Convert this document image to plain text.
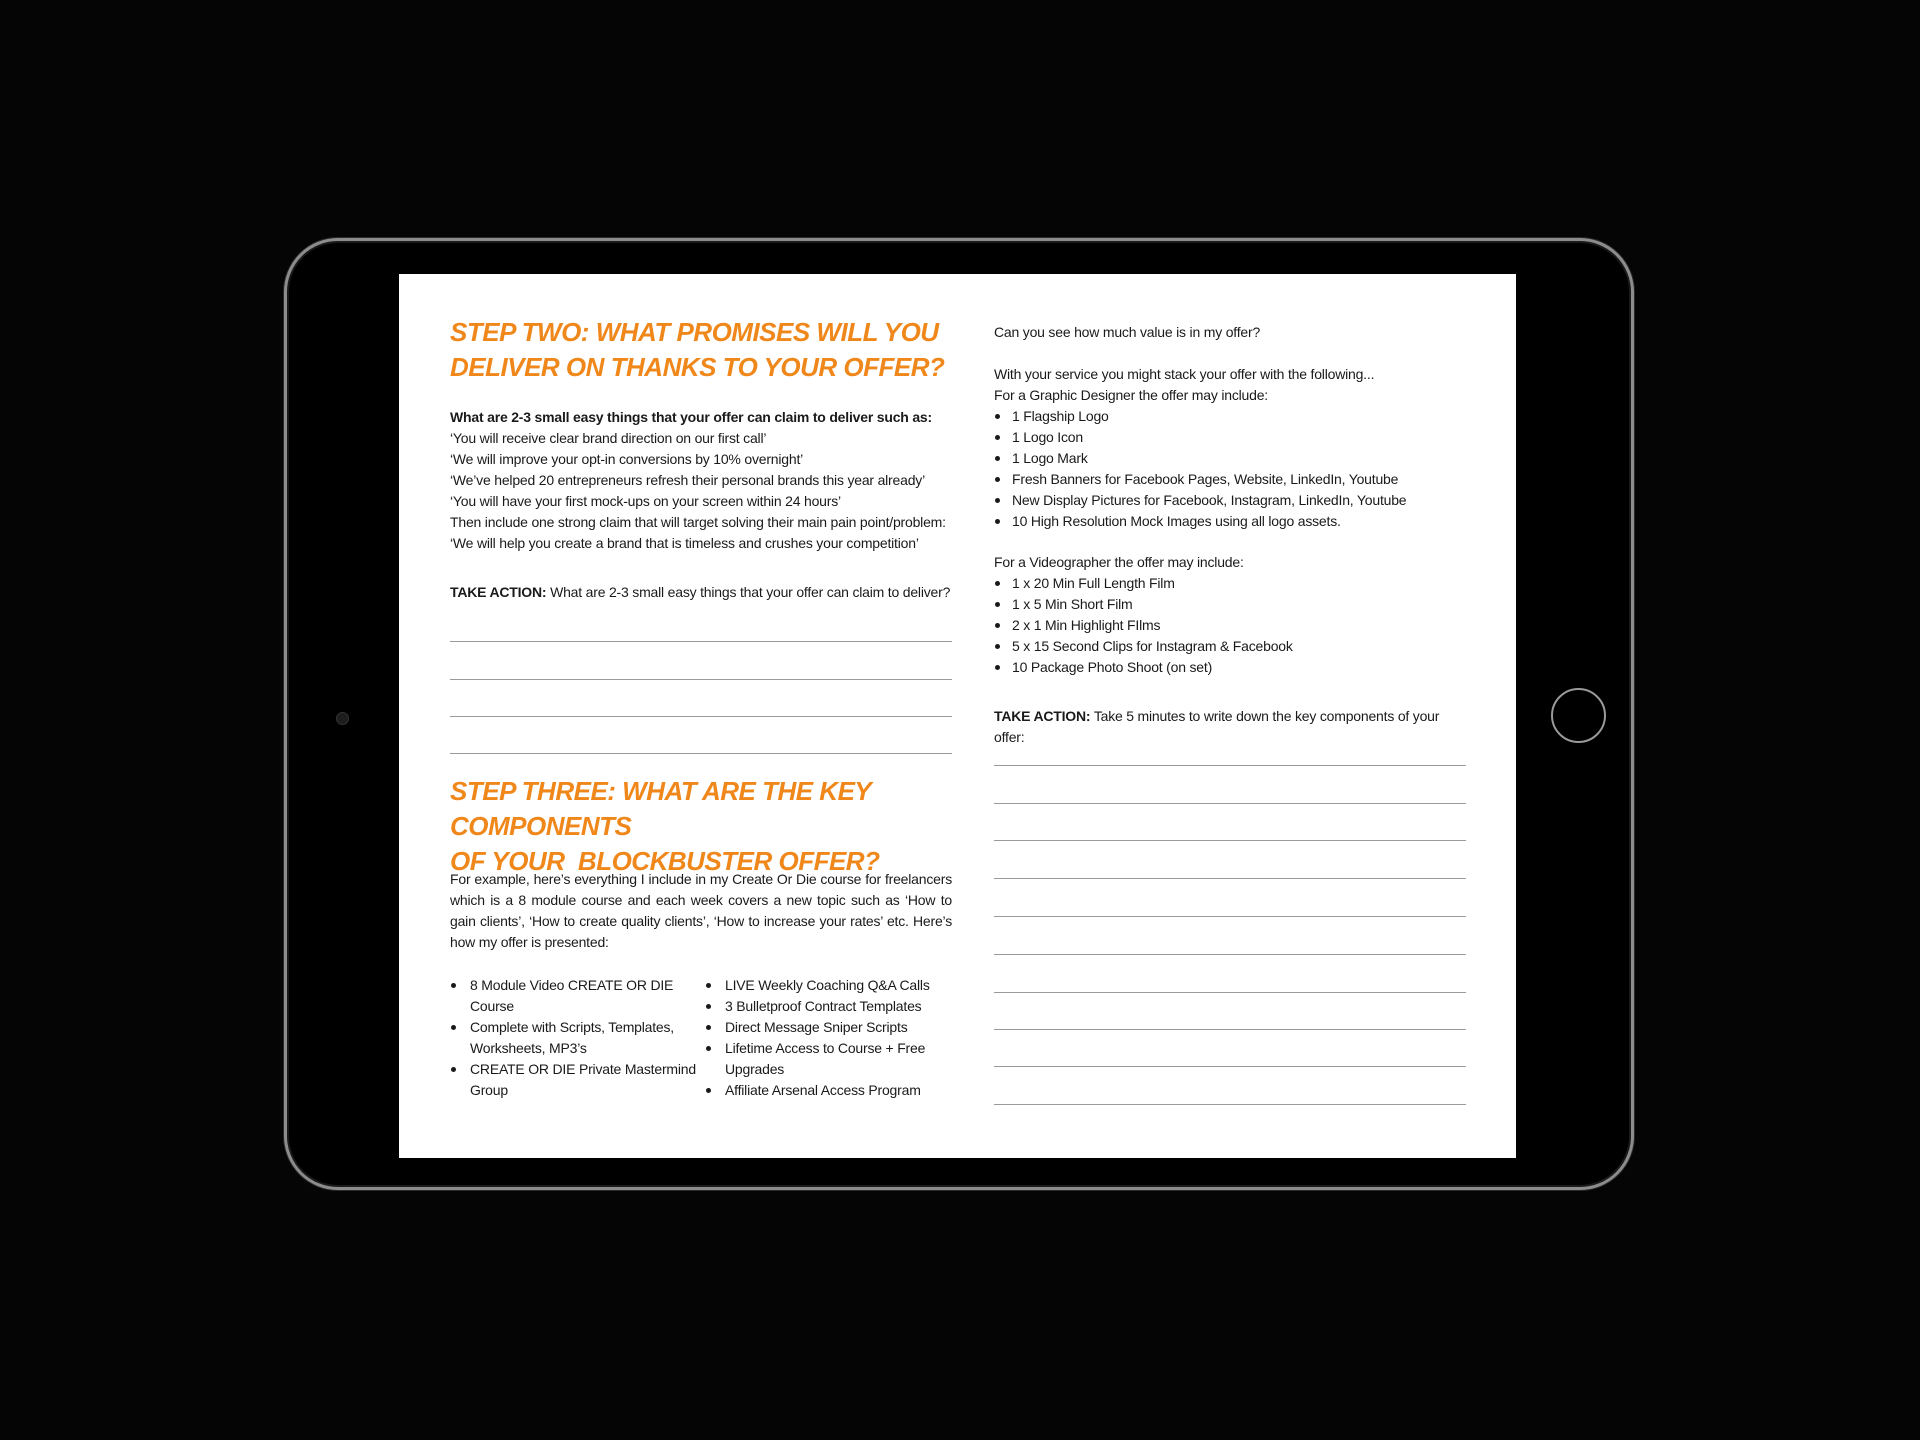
STEP TWO: WHAT PROMISES WILL YOU
DELIVER ON THANKS TO YOUR OFFER?
What are 2-3 small easy things that your offer can claim to deliver such as:
‘You will receive clear brand direction on our first call’
‘We will improve your opt-in conversions by 10% overnight’
‘We’ve helped 20 entrepreneurs refresh their personal brands this year already’
‘You will have your first mock-ups on your screen within 24 hours’
Then include one strong claim that will target solving their main pain point/problem:
‘We will help you create a brand that is timeless and crushes your competition’
TAKE ACTION: What are 2-3 small easy things that your offer can claim to deliver?
STEP THREE: WHAT ARE THE KEY COMPONENTS
OF YOUR  BLOCKBUSTER OFFER?
For example, here’s everything I include in my Create Or Die course for freelancers which is a 8 module course and each week covers a new topic such as ‘How to gain clients’, ‘How to create quality clients’, ‘How to increase your rates’ etc. Here’s how my offer is presented:
8 Module Video CREATE OR DIE Course
Complete with Scripts, Templates, Worksheets, MP3’s
CREATE OR DIE Private Mastermind Group
LIVE Weekly Coaching Q&A Calls
3 Bulletproof Contract Templates
Direct Message Sniper Scripts
Lifetime Access to Course + Free Upgrades
Affiliate Arsenal Access Program
Can you see how much value is in my offer?
With your service you might stack your offer with the following...
For a Graphic Designer the offer may include:
1 Flagship Logo
1 Logo Icon
1 Logo Mark
Fresh Banners for Facebook Pages, Website, LinkedIn, Youtube
New Display Pictures for Facebook, Instagram, LinkedIn, Youtube
10 High Resolution Mock Images using all logo assets.
For a Videographer the offer may include:
1 x 20 Min Full Length Film
1 x 5 Min Short Film
2 x 1 Min Highlight FIlms
5 x 15 Second Clips for Instagram & Facebook
10 Package Photo Shoot (on set)
TAKE ACTION: Take 5 minutes to write down the key components of your offer:
